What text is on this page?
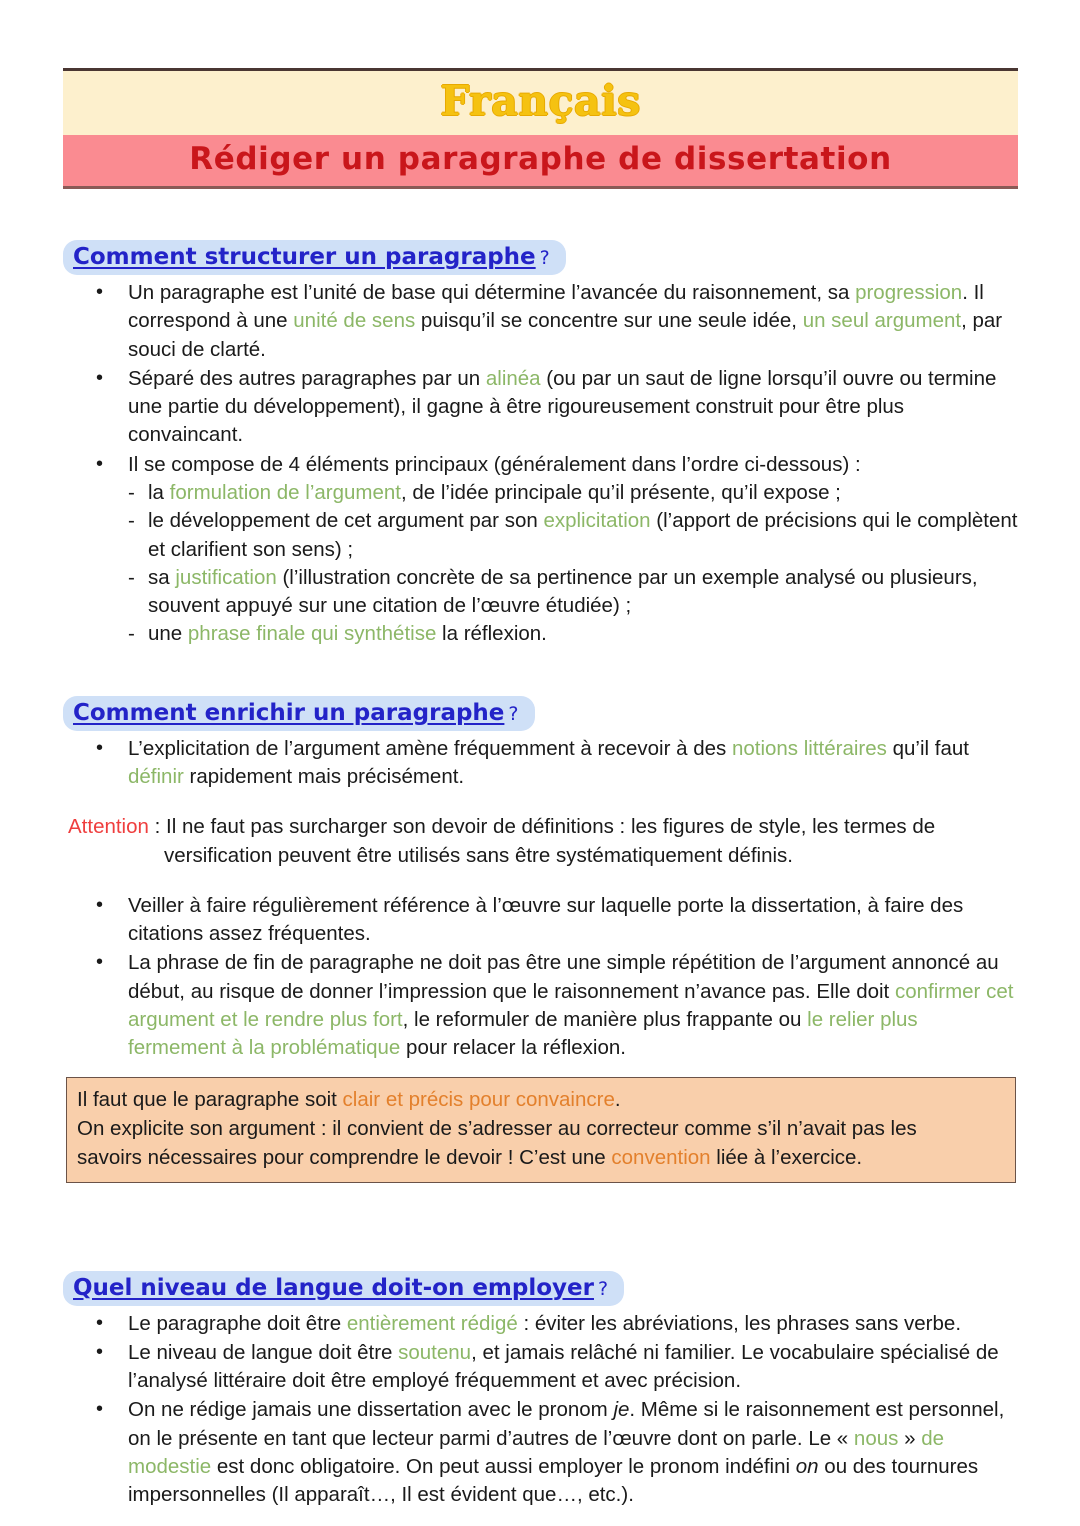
Français
Rédiger un paragraphe de dissertation
Comment structurer un paragraphe ?
• Un paragraphe est l’unité de base qui détermine l’avancée du raisonnement, sa progression. Il correspond à une unité de sens puisqu’il se concentre sur une seule idée, un seul argument, par souci de clarté.
• Séparé des autres paragraphes par un alinéa (ou par un saut de ligne lorsqu’il ouvre ou termine une partie du développement), il gagne à être rigoureusement construit pour être plus convaincant.
• Il se compose de 4 éléments principaux (généralement dans l’ordre ci-dessous) :
- la formulation de l’argument, de l’idée principale qu’il présente, qu’il expose ;
- le développement de cet argument par son explicitation (l’apport de précisions qui le complètent et clarifient son sens) ;
- sa justification (l’illustration concrète de sa pertinence par un exemple analysé ou plusieurs, souvent appuyé sur une citation de l’œuvre étudiée) ;
- une phrase finale qui synthétise la réflexion.
Comment enrichir un paragraphe ?
• L’explicitation de l’argument amène fréquemment à recevoir à des notions littéraires qu’il faut définir rapidement mais précisément.
Attention : Il ne faut pas surcharger son devoir de définitions : les figures de style, les termes de
versification peuvent être utilisés sans être systématiquement définis.
• Veiller à faire régulièrement référence à l’œuvre sur laquelle porte la dissertation, à faire des citations assez fréquentes.
• La phrase de fin de paragraphe ne doit pas être une simple répétition de l’argument annoncé au début, au risque de donner l’impression que le raisonnement n’avance pas. Elle doit confirmer cet argument et le rendre plus fort, le reformuler de manière plus frappante ou le relier plus fermement à la problématique pour relacer la réflexion.
Il faut que le paragraphe soit clair et précis pour convaincre.
On explicite son argument : il convient de s’adresser au correcteur comme s’il n’avait pas les
savoirs nécessaires pour comprendre le devoir ! C’est une convention liée à l’exercice.
Quel niveau de langue doit-on employer ?
• Le paragraphe doit être entièrement rédigé : éviter les abréviations, les phrases sans verbe.
• Le niveau de langue doit être soutenu, et jamais relâché ni familier. Le vocabulaire spécialisé de l’analysé littéraire doit être employé fréquemment et avec précision.
• On ne rédige jamais une dissertation avec le pronom je. Même si le raisonnement est personnel, on le présente en tant que lecteur parmi d’autres de l’œuvre dont on parle. Le « nous » de modestie est donc obligatoire. On peut aussi employer le pronom indéfini on ou des tournures impersonnelles (Il apparaît…, Il est évident que…, etc.).
